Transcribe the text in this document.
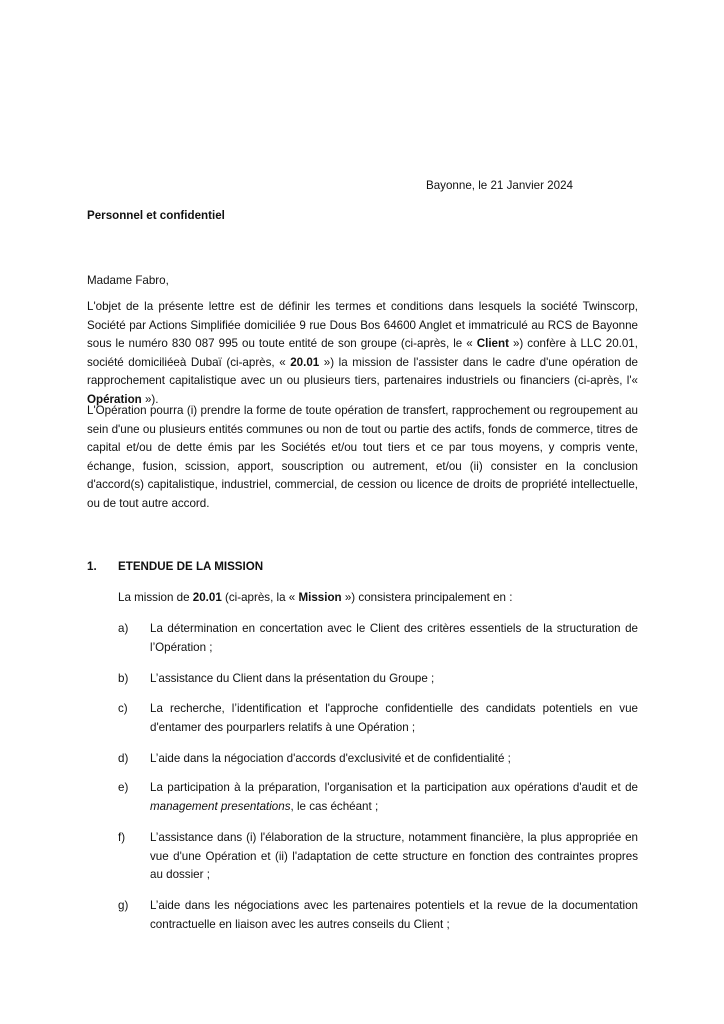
Bayonne, le 21 Janvier 2024
Personnel et confidentiel
Madame Fabro,
L'objet de la présente lettre est de définir les termes et conditions dans lesquels la société Twinscorp, Société par Actions Simplifiée domiciliée 9 rue Dous Bos 64600 Anglet et immatriculé au RCS de Bayonne sous le numéro 830 087 995 ou toute entité de son groupe (ci-après, le « Client ») confère à LLC 20.01, société domiciliéeà Dubaï (ci-après, « 20.01 ») la mission de l'assister dans le cadre d'une opération de rapprochement capitalistique avec un ou plusieurs tiers, partenaires industriels ou financiers (ci-après, l'« Opération »).
L'Opération pourra (i) prendre la forme de toute opération de transfert, rapprochement ou regroupement au sein d'une ou plusieurs entités communes ou non de tout ou partie des actifs, fonds de commerce, titres de capital et/ou de dette émis par les Sociétés et/ou tout tiers et ce par tous moyens, y compris vente, échange, fusion, scission, apport, souscription ou autrement, et/ou (ii) consister en la conclusion d'accord(s) capitalistique, industriel, commercial, de cession ou licence de droits de propriété intellectuelle, ou de tout autre accord.
1. ETENDUE DE LA MISSION
La mission de 20.01 (ci-après, la « Mission ») consistera principalement en :
a) La détermination en concertation avec le Client des critères essentiels de la structuration de l’Opération ;
b) L’assistance du Client dans la présentation du Groupe ;
c) La recherche, l’identification et l'approche confidentielle des candidats potentiels en vue d'entamer des pourparlers relatifs à une Opération ;
d) L’aide dans la négociation d'accords d'exclusivité et de confidentialité ;
e) La participation à la préparation, l'organisation et la participation aux opérations d'audit et de management presentations, le cas échéant ;
f) L’assistance dans (i) l'élaboration de la structure, notamment financière, la plus appropriée en vue d'une Opération et (ii) l'adaptation de cette structure en fonction des contraintes propres au dossier ;
g) L’aide dans les négociations avec les partenaires potentiels et la revue de la documentation contractuelle en liaison avec les autres conseils du Client ;
